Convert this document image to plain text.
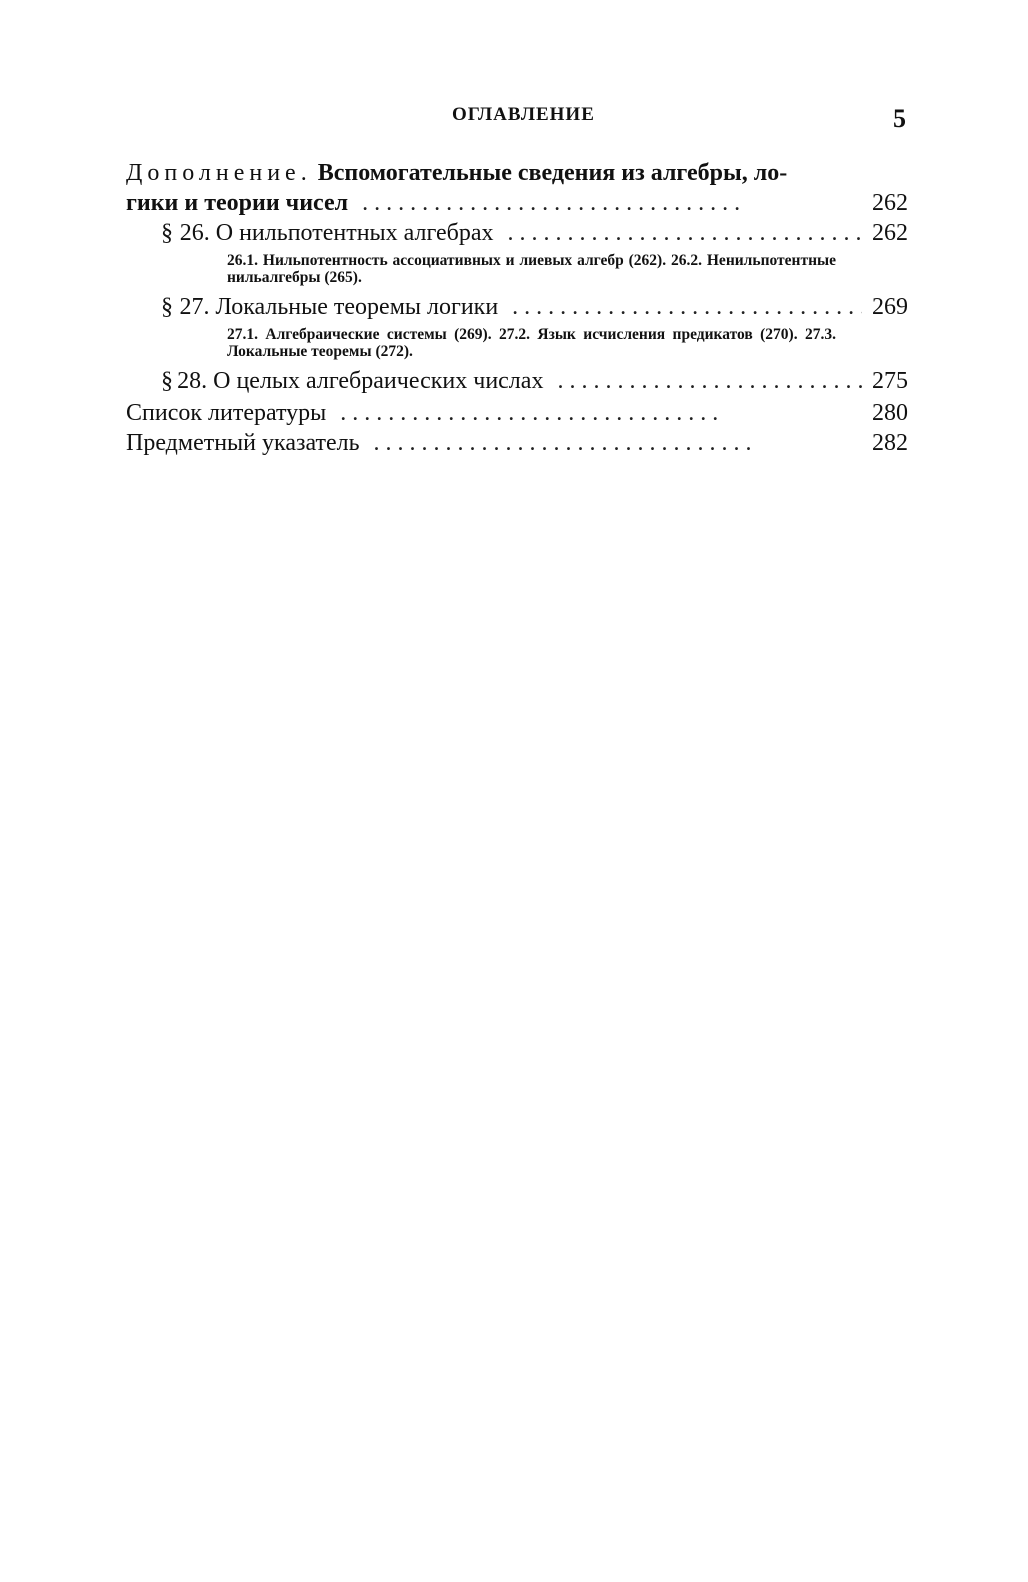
ОГЛАВЛЕНИЕ	5
Дополнение. Вспомогательные сведения из алгебры, ло-
гики и теории чисел . . .	262
§ 26. О нильпотентных алгебрах . . .	262
26.1. Нильпотентность ассоциативных и лиевых алгебр (262). 26.2. Ненильпотентные нильалгебры (265).
§ 27. Локальные теоремы логики . . .	269
27.1. Алгебраические системы (269). 27.2. Язык исчисления предикатов (270). 27.3. Локальные теоремы (272).
§ 28. О целых алгебраических числах . . .	275
Список литературы . . .	280
Предметный указатель . . .	282
